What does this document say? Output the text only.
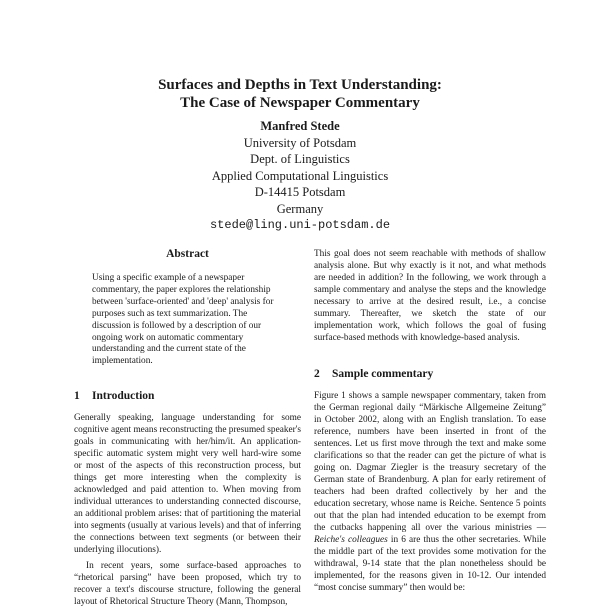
Surfaces and Depths in Text Understanding:
The Case of Newspaper Commentary
Manfred Stede
University of Potsdam
Dept. of Linguistics
Applied Computational Linguistics
D-14415 Potsdam
Germany
stede@ling.uni-potsdam.de
Abstract
Using a specific example of a newspaper commentary, the paper explores the relationship between 'surface-oriented' and 'deep' analysis for purposes such as text summarization. The discussion is followed by a description of our ongoing work on automatic commentary understanding and the current state of the implementation.
1 Introduction

Generally speaking, language understanding for some cognitive agent means reconstructing the presumed speaker's goals in communicating with her/him/it. An application-specific automatic system might very well hard-wire some or most of the aspects of this reconstruction process, but things get more interesting when the complexity is acknowledged and paid attention to. When moving from individual utterances to understanding connected discourse, an additional problem arises: that of partitioning the material into segments (usually at various levels) and that of inferring the connections between text segments (or between their underlying illocutions).

In recent years, some surface-based approaches to “rhetorical parsing” have been proposed, which try to recover a text's discourse structure, following the general layout of Rhetorical Structure Theory (Mann, Thompson,

This goal does not seem reachable with methods of shallow analysis alone. But why exactly is it not, and what methods are needed in addition? In the following, we work through a sample commentary and analyse the steps and the knowledge necessary to arrive at the desired result, i.e., a concise summary. Thereafter, we sketch the state of our implementation work, which follows the goal of fusing surface-based methods with knowledge-based analysis.
2 Sample commentary

Figure 1 shows a sample newspaper commentary, taken from the German regional daily “Märkische Allgemeine Zeitung” in October 2002, along with an English translation. To ease reference, numbers have been inserted in front of the sentences. Let us first move through the text and make some clarifications so that the reader can get the picture of what is going on. Dagmar Ziegler is the treasury secretary of the German state of Brandenburg. A plan for early retirement of teachers had been drafted collectively by her and the education secretary, whose name is Reiche. Sentence 5 points out that the plan had intended education to be exempt from the cutbacks happening all over the various ministries — Reiche's colleagues in 6 are thus the other secretaries. While the middle part of the text provides some motivation for the withdrawal, 9-14 state that the plan nonetheless should be implemented, for the reasons given in 10-12. Our intended “most concise summary” then would be:
